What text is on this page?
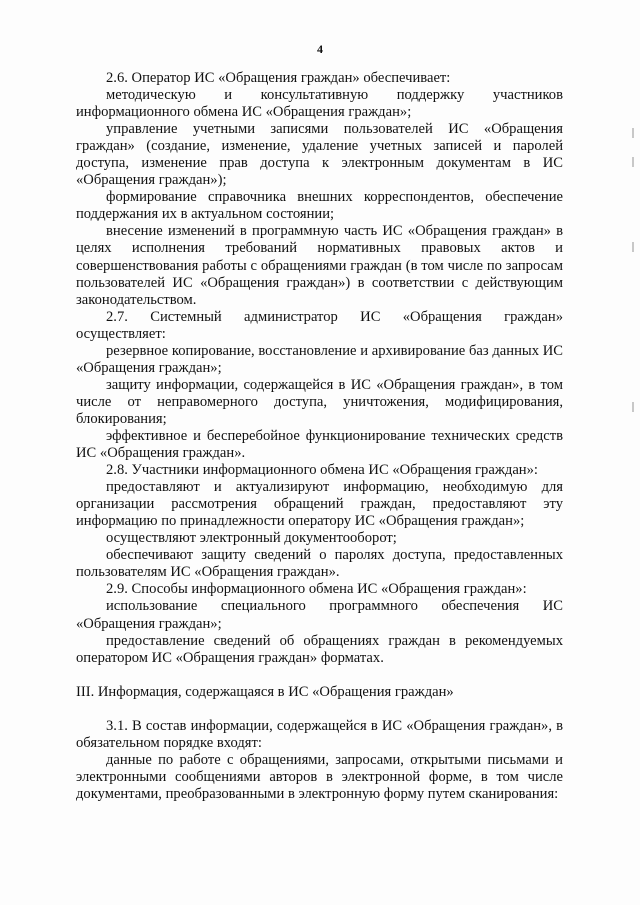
4

2.6. Оператор ИС «Обращения граждан» обеспечивает:

методическую и консультативную поддержку участников информационного обмена ИС «Обращения граждан»;

управление учетными записями пользователей ИС «Обращения граждан» (создание, изменение, удаление учетных записей и паролей доступа, изменение прав доступа к электронным документам в ИС «Обращения граждан»);

формирование справочника внешних корреспондентов, обеспечение поддержания их в актуальном состоянии;

внесение изменений в программную часть ИС «Обращения граждан» в целях исполнения требований нормативных правовых актов и совершенствования работы с обращениями граждан (в том числе по запросам пользователей ИС «Обращения граждан») в соответствии с действующим законодательством.

2.7. Системный администратор ИС «Обращения граждан» осуществляет:

резервное копирование, восстановление и архивирование баз данных ИС «Обращения граждан»;

защиту информации, содержащейся в ИС «Обращения граждан», в том числе от неправомерного доступа, уничтожения, модифицирования, блокирования;

эффективное и бесперебойное функционирование технических средств ИС «Обращения граждан».

2.8. Участники информационного обмена ИС «Обращения граждан»:

предоставляют и актуализируют информацию, необходимую для организации рассмотрения обращений граждан, предоставляют эту информацию по принадлежности оператору ИС «Обращения граждан»;

осуществляют электронный документооборот;

обеспечивают защиту сведений о паролях доступа, предоставленных пользователям ИС «Обращения граждан».

2.9. Способы информационного обмена ИС «Обращения граждан»:

использование специального программного обеспечения ИС «Обращения граждан»;

предоставление сведений об обращениях граждан в рекомендуемых оператором ИС «Обращения граждан» форматах.

III. Информация, содержащаяся в ИС «Обращения граждан»

3.1. В состав информации, содержащейся в ИС «Обращения граждан», в обязательном порядке входят:

данные по работе с обращениями, запросами, открытыми письмами и электронными сообщениями авторов в электронной форме, в том числе документами, преобразованными в электронную форму путем сканирования:
